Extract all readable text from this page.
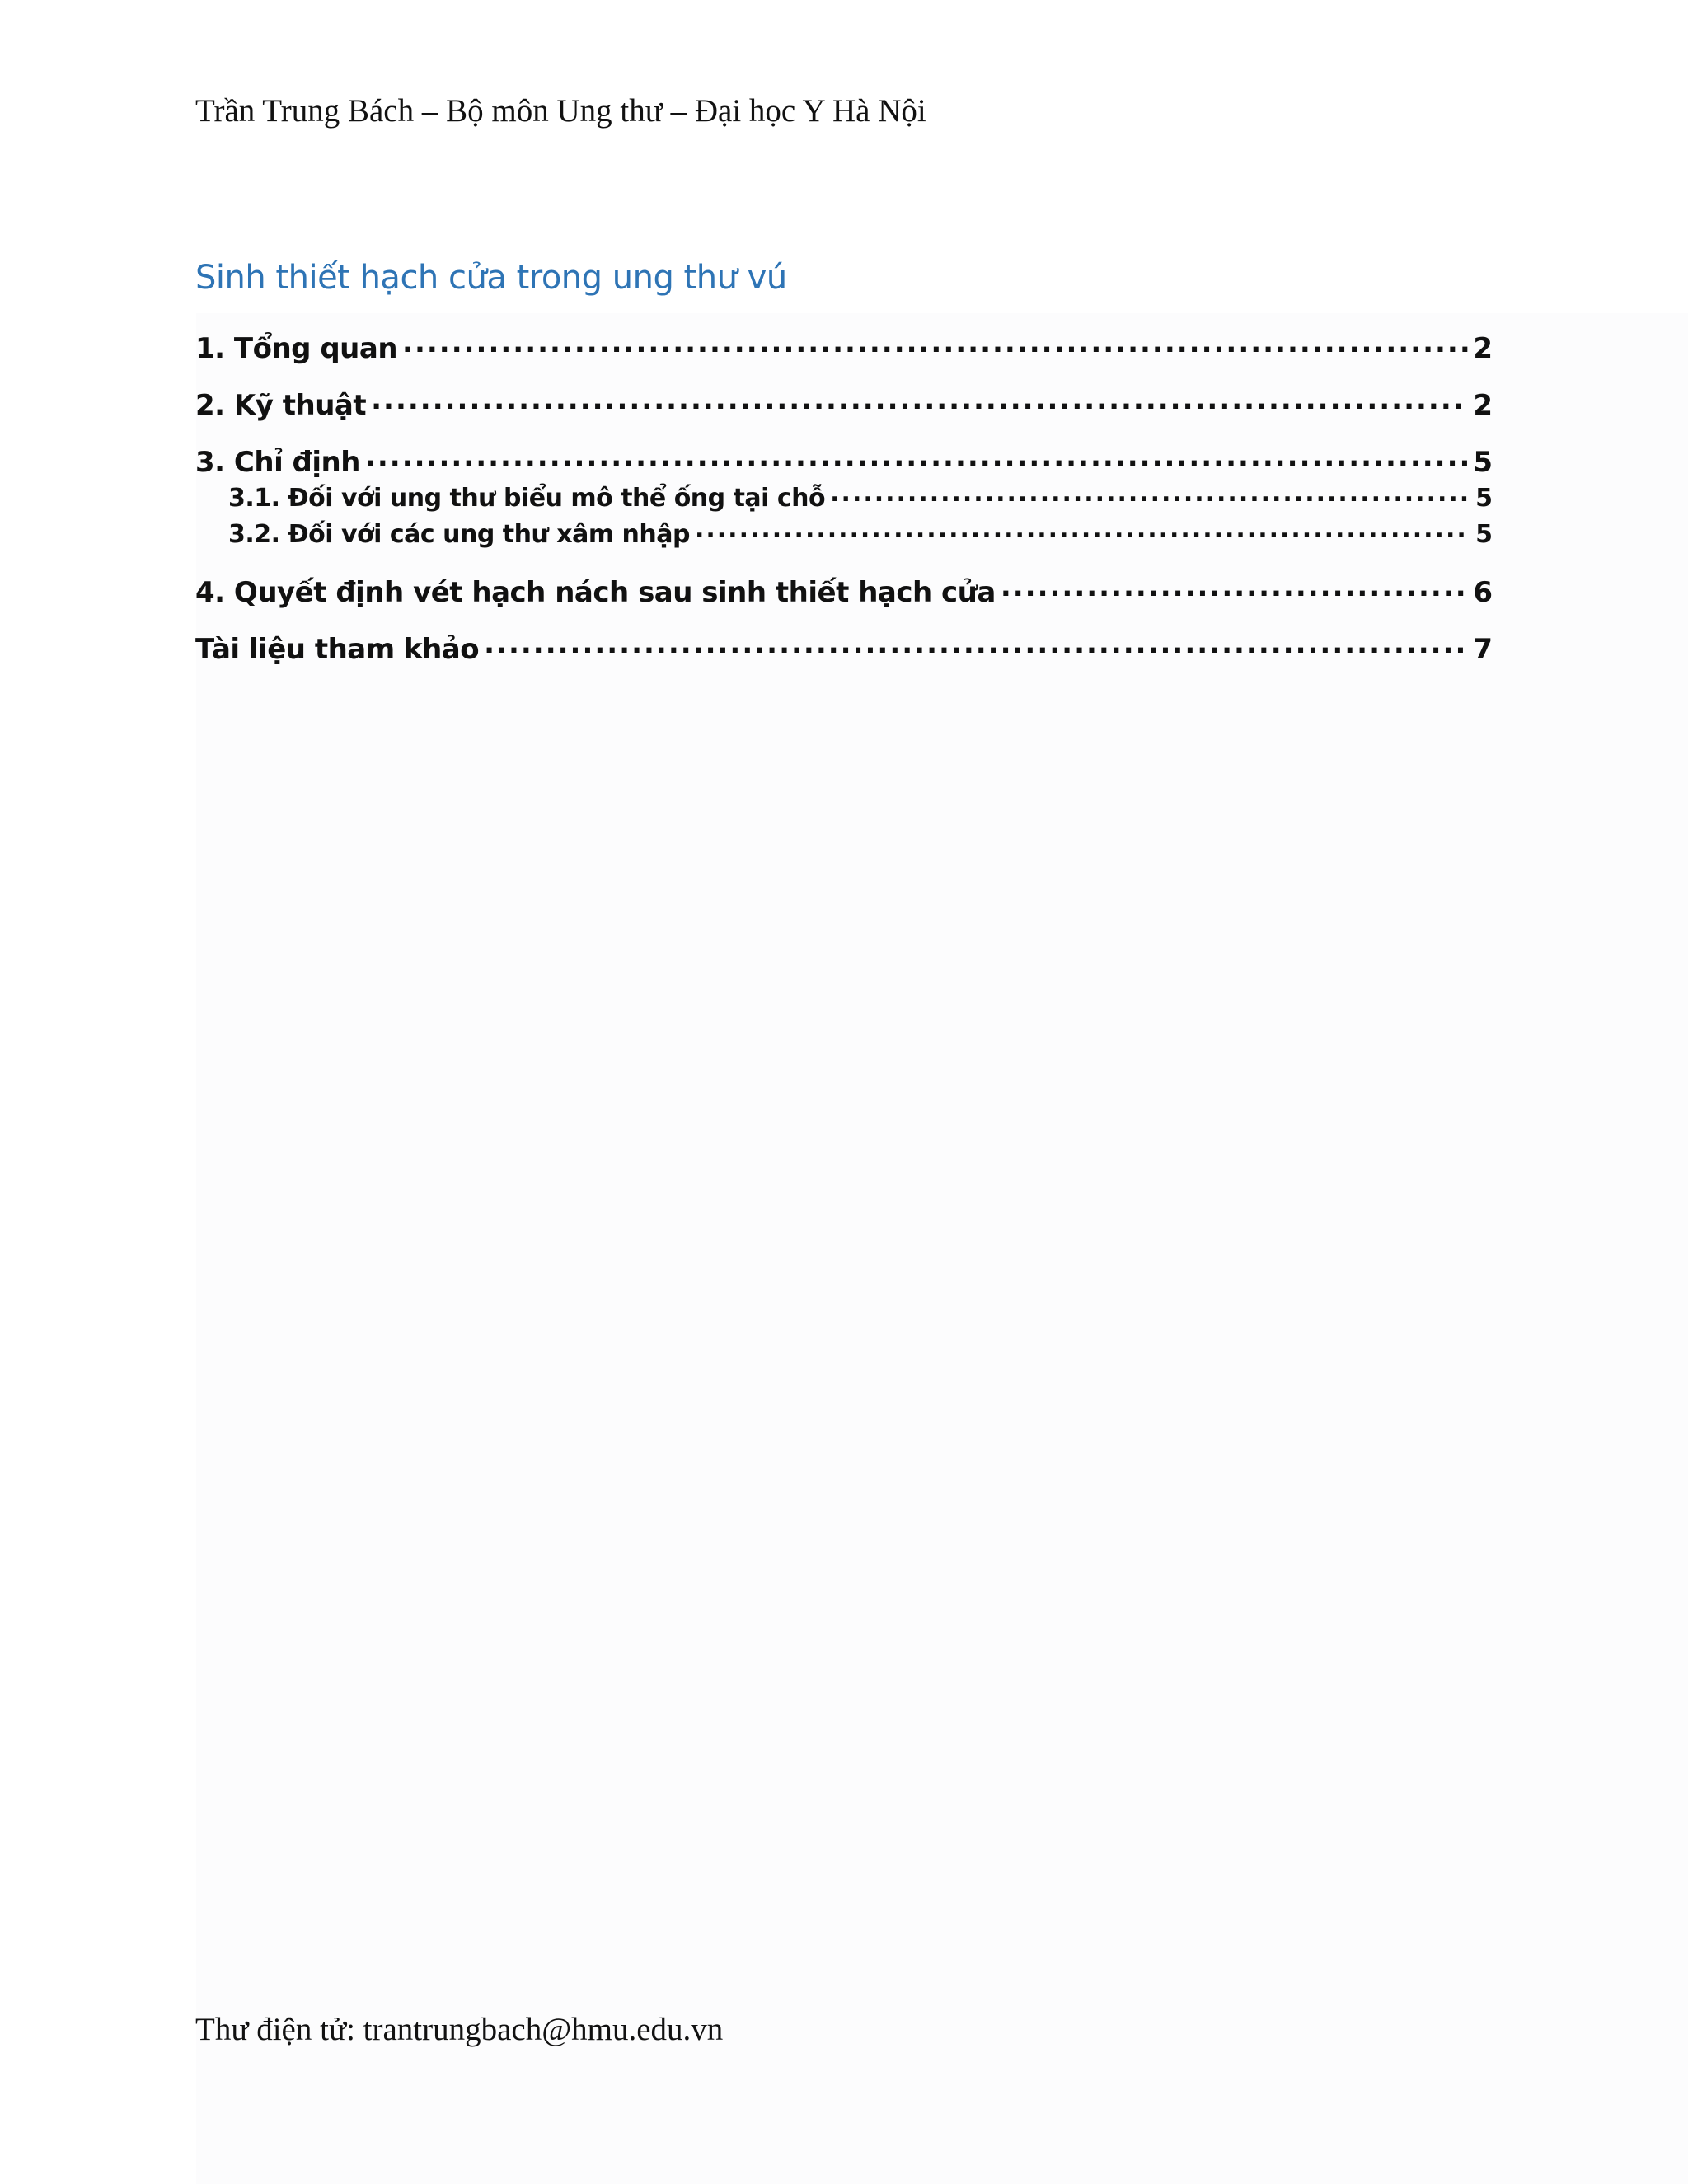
Trần Trung Bách – Bộ môn Ung thư – Đại học Y Hà Nội
Sinh thiết hạch cửa trong ung thư vú
1. Tổng quan .....	2
2. Kỹ thuật .....	2
3. Chỉ định .....	5
3.1. Đối với ung thư biểu mô thể ống tại chỗ .....	5
3.2. Đối với các ung thư xâm nhập .....	5
4. Quyết định vét hạch nách sau sinh thiết hạch cửa .....	6
Tài liệu tham khảo .....	7
Thư điện tử: trantrungbach@hmu.edu.vn
